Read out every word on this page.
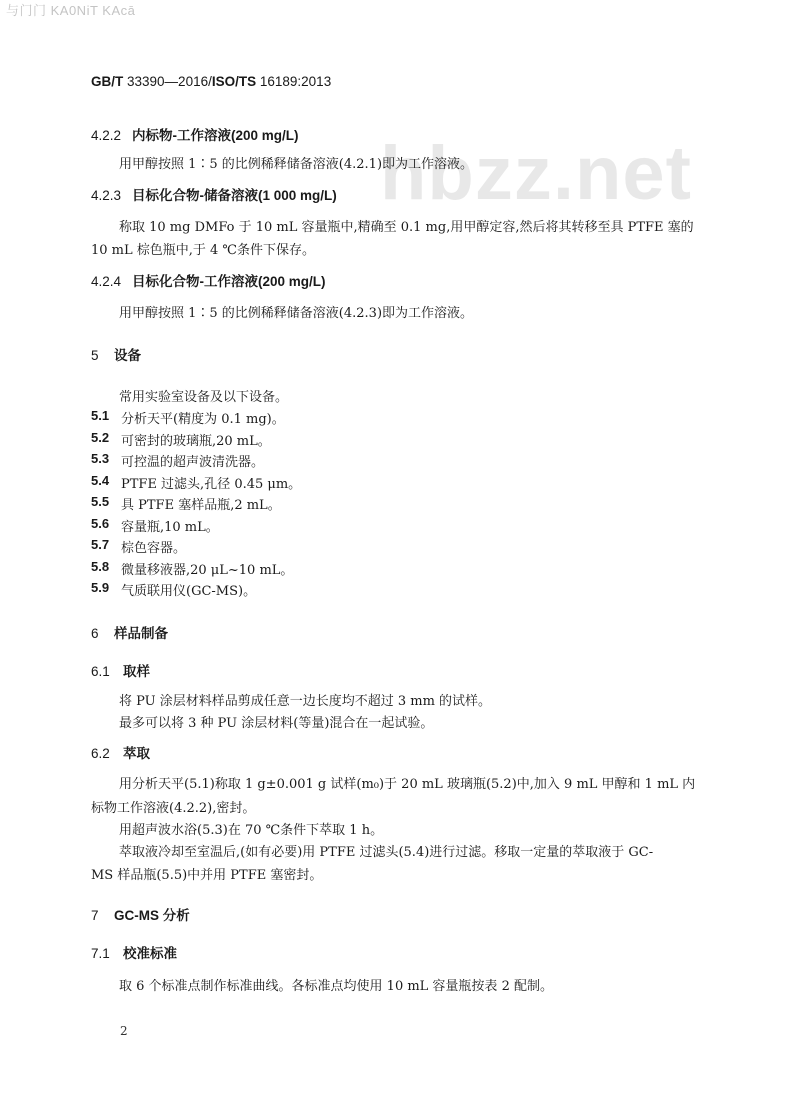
与门门 KA0NiT KAcā
hbzz.net
GB/T 33390—2016/ISO/TS 16189:2013
4.2.2 内标物-工作溶液(200 mg/L)
用甲醇按照 1∶5 的比例稀释储备溶液(4.2.1)即为工作溶液。
4.2.3 目标化合物-储备溶液(1 000 mg/L)
称取 10 mg DMFo 于 10 mL 容量瓶中,精确至 0.1 mg,用甲醇定容,然后将其转移至具 PTFE 塞的
10 mL 棕色瓶中,于 4 ℃条件下保存。
4.2.4 目标化合物-工作溶液(200 mg/L)
用甲醇按照 1∶5 的比例稀释储备溶液(4.2.3)即为工作溶液。
5 设备
常用实验室设备及以下设备。
5.1 分析天平(精度为 0.1 mg)。
5.2 可密封的玻璃瓶,20 mL。
5.3 可控温的超声波清洗器。
5.4 PTFE 过滤头,孔径 0.45 μm。
5.5 具 PTFE 塞样品瓶,2 mL。
5.6 容量瓶,10 mL。
5.7 棕色容器。
5.8 微量移液器,20 μL~10 mL。
5.9 气质联用仪(GC-MS)。
6 样品制备
6.1 取样
将 PU 涂层材料样品剪成任意一边长度均不超过 3 mm 的试样。
最多可以将 3 种 PU 涂层材料(等量)混合在一起试验。
6.2 萃取
用分析天平(5.1)称取 1 g±0.001 g 试样(m₀)于 20 mL 玻璃瓶(5.2)中,加入 9 mL 甲醇和 1 mL 内
标物工作溶液(4.2.2),密封。
用超声波水浴(5.3)在 70 ℃条件下萃取 1 h。
萃取液冷却至室温后,(如有必要)用 PTFE 过滤头(5.4)进行过滤。移取一定量的萃取液于 GC-
MS 样品瓶(5.5)中并用 PTFE 塞密封。
7 GC-MS 分析
7.1 校准标准
取 6 个标准点制作标准曲线。各标准点均使用 10 mL 容量瓶按表 2 配制。
2
